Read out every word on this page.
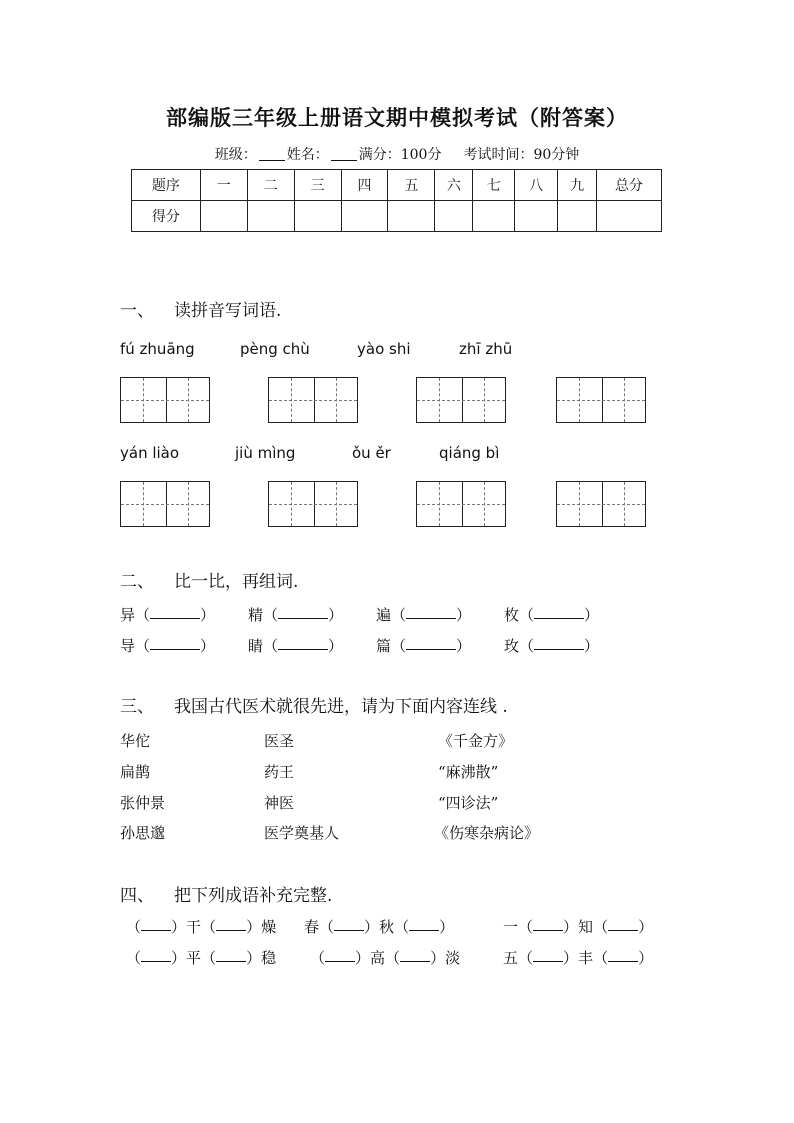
部编版三年级上册语文期中模拟考试（附答案）
班级： 姓名： 满分：100分 考试时间：90分钟
题序	一	二	三	四	五	六	七	八	九	总分
得分										
一、 读拼音写词语.
fú zhuāng	pèng chù	yào shi	zhī zhū
yán liào	jiù mìng	ǒu ěr	qiáng bì
二、 比一比，再组词.
异（	） 精（	） 遍（	） 枚（	）
导（	） 睛（	） 篇（	） 玫（	）
三、 我国古代医术就很先进，请为下面内容连线 .
华佗	医圣	《千金方》
扁鹊	药王	“麻沸散”
张仲景	神医	“四诊法”
孙思邈	医学奠基人	《伤寒杂病论》
四、 把下列成语补充完整.
（ ）干（ ）燥 春（ ）秋（ ）	一（ ）知（ ）
（ ）平（ ）稳 （ ）高（ ）淡	五（ ）丰（ ）
